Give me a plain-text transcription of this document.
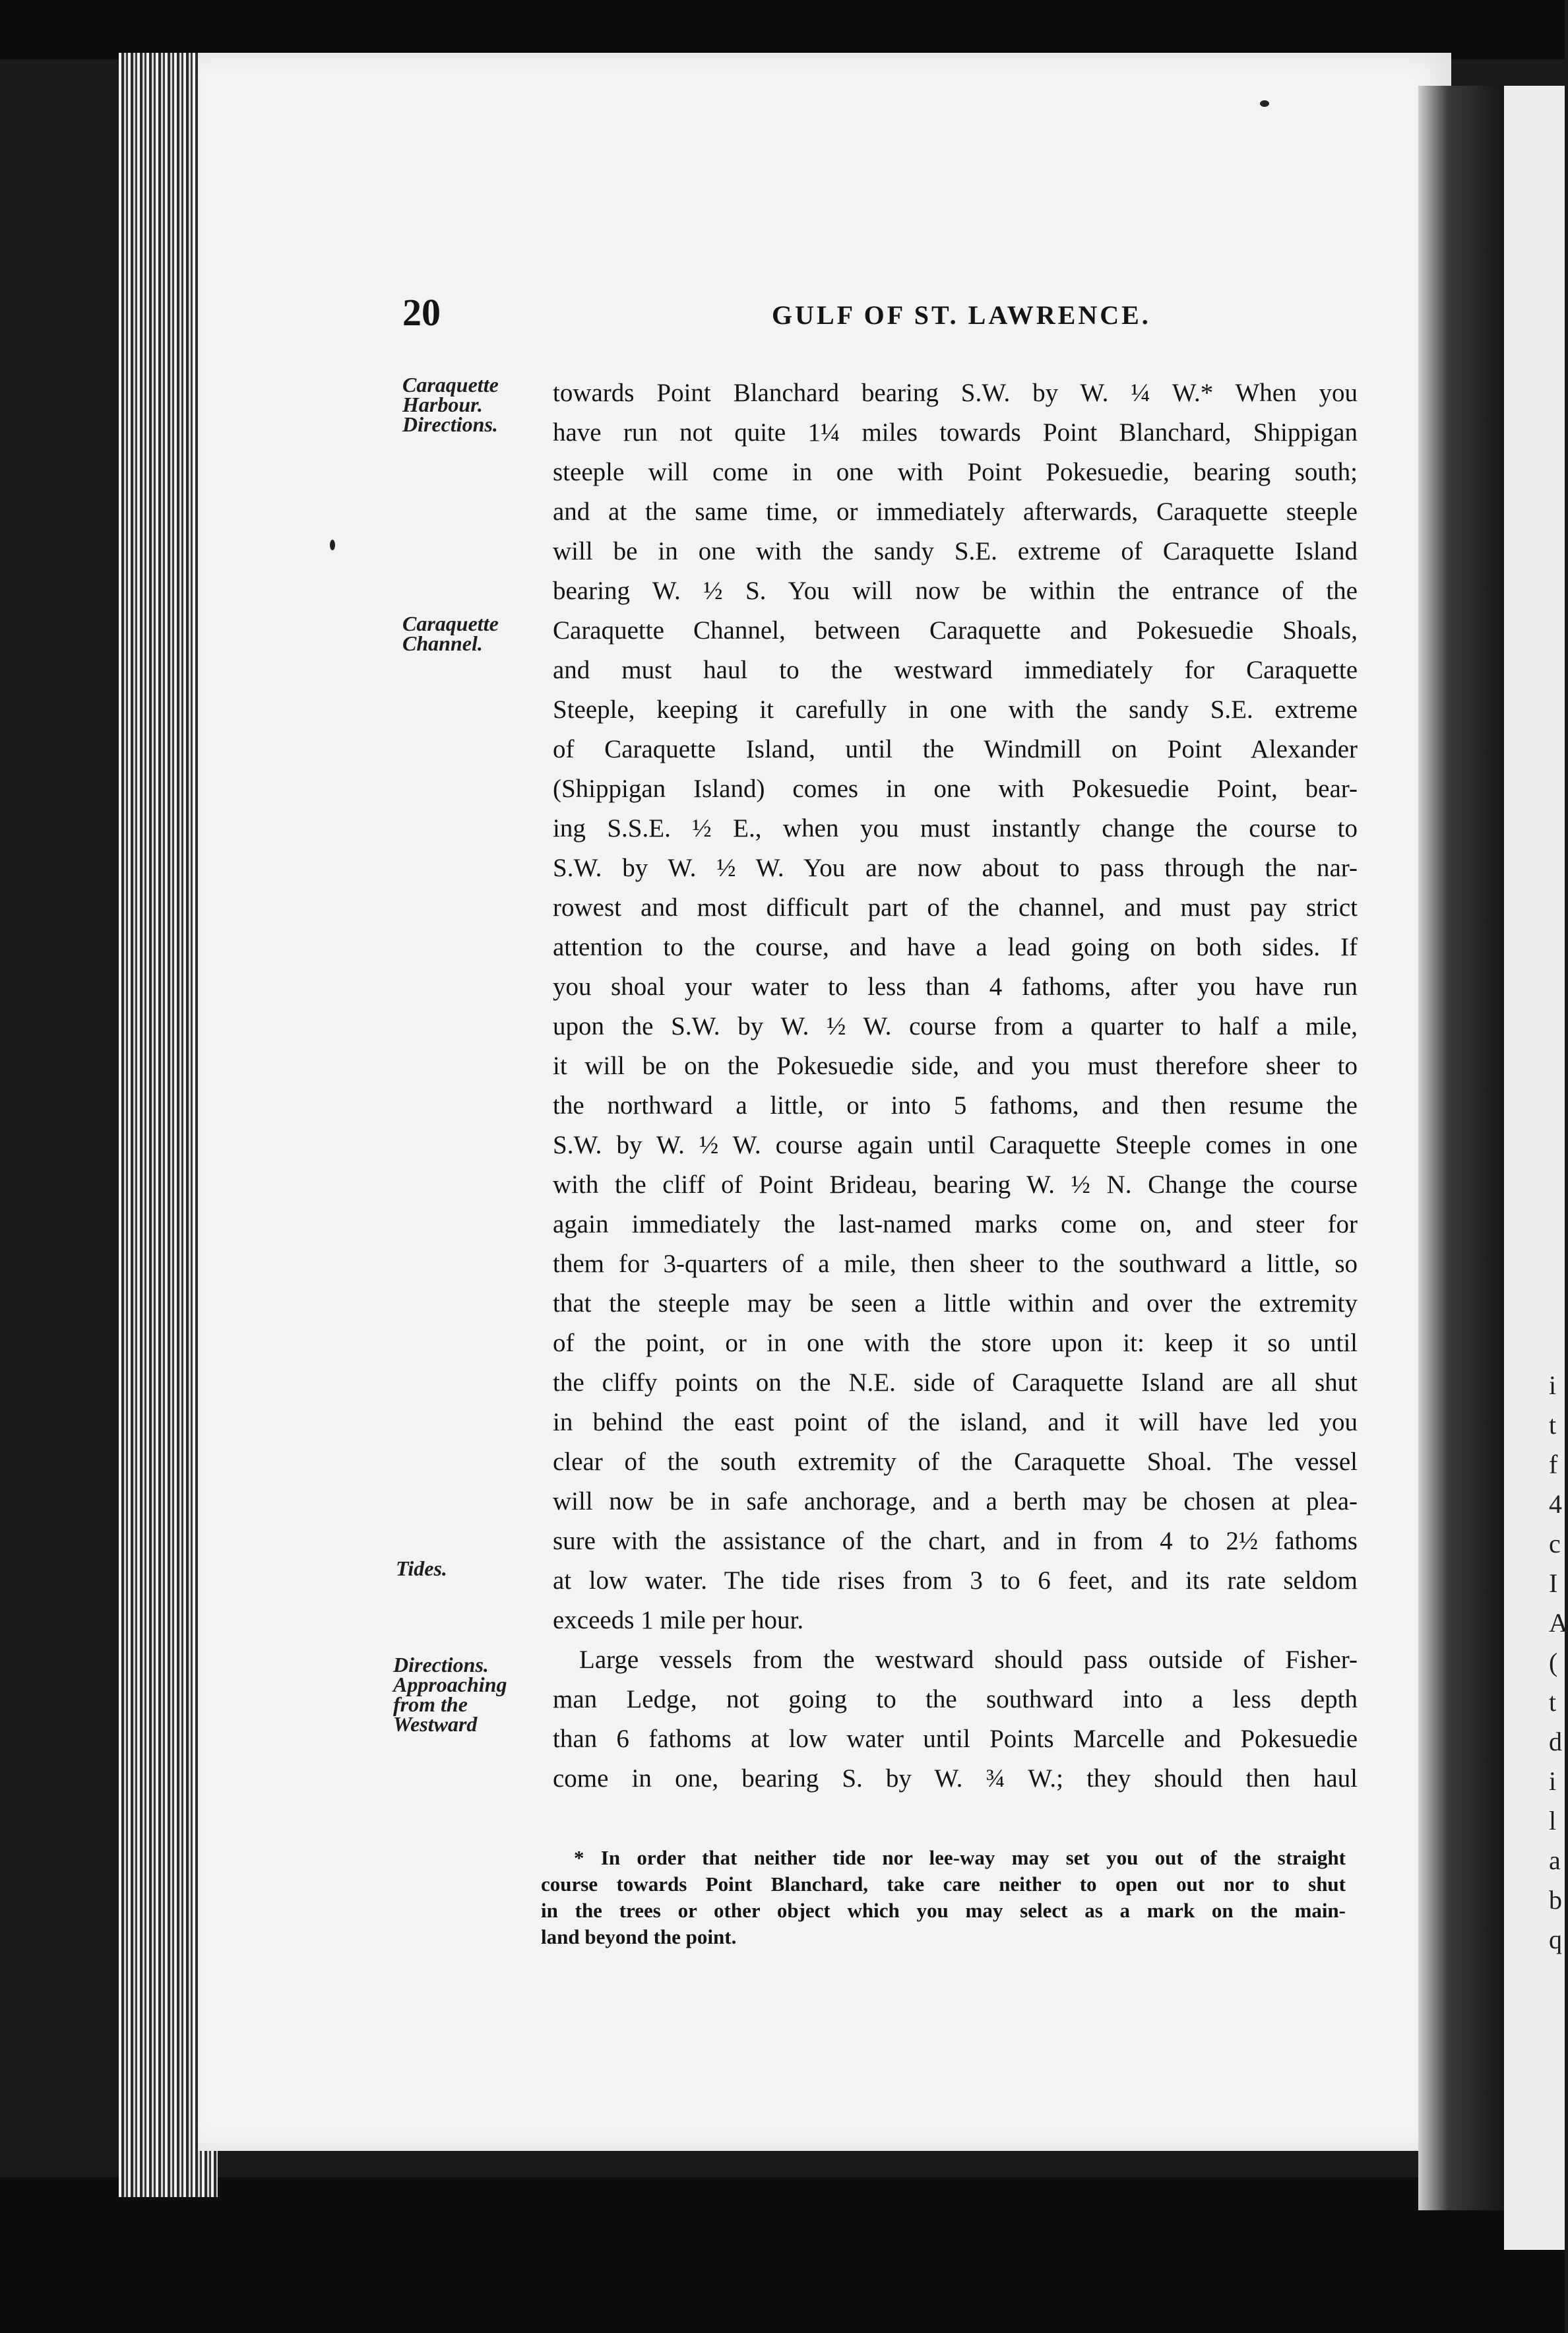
i
t
f
4
c
I
A
(
t
d
i
l
a
b
q
20	GULF OF ST. LAWRENCE.
Caraquette
Harbour.
Directions.
Caraquette
Channel.
Tides.
Directions.
Approaching
from the
Westward
towards Point Blanchard bearing S.W. by W. ¼ W.* When you
have run not quite 1¼ miles towards Point Blanchard, Shippigan
steeple will come in one with Point Pokesuedie, bearing south;
and at the same time, or immediately afterwards, Caraquette steeple
will be in one with the sandy S.E. extreme of Caraquette Island
bearing W. ½ S. You will now be within the entrance of the
Caraquette Channel, between Caraquette and Pokesuedie Shoals,
and must haul to the westward immediately for Caraquette
Steeple, keeping it carefully in one with the sandy S.E. extreme
of Caraquette Island, until the Windmill on Point Alexander
(Shippigan Island) comes in one with Pokesuedie Point, bear-
ing S.S.E. ½ E., when you must instantly change the course to
S.W. by W. ½ W. You are now about to pass through the nar-
rowest and most difficult part of the channel, and must pay strict
attention to the course, and have a lead going on both sides. If
you shoal your water to less than 4 fathoms, after you have run
upon the S.W. by W. ½ W. course from a quarter to half a mile,
it will be on the Pokesuedie side, and you must therefore sheer to
the northward a little, or into 5 fathoms, and then resume the
S.W. by W. ½ W. course again until Caraquette Steeple comes in one
with the cliff of Point Brideau, bearing W. ½ N. Change the course
again immediately the last-named marks come on, and steer for
them for 3-quarters of a mile, then sheer to the southward a little, so
that the steeple may be seen a little within and over the extremity
of the point, or in one with the store upon it: keep it so until
the cliffy points on the N.E. side of Caraquette Island are all shut
in behind the east point of the island, and it will have led you
clear of the south extremity of the Caraquette Shoal. The vessel
will now be in safe anchorage, and a berth may be chosen at plea-
sure with the assistance of the chart, and in from 4 to 2½ fathoms
at low water. The tide rises from 3 to 6 feet, and its rate seldom
exceeds 1 mile per hour.
Large vessels from the westward should pass outside of Fisher-
man Ledge, not going to the southward into a less depth
than 6 fathoms at low water until Points Marcelle and Pokesuedie
come in one, bearing S. by W. ¾ W.; they should then haul
* In order that neither tide nor lee-way may set you out of the straight
course towards Point Blanchard, take care neither to open out nor to shut
in the trees or other object which you may select as a mark on the main-
land beyond the point.
